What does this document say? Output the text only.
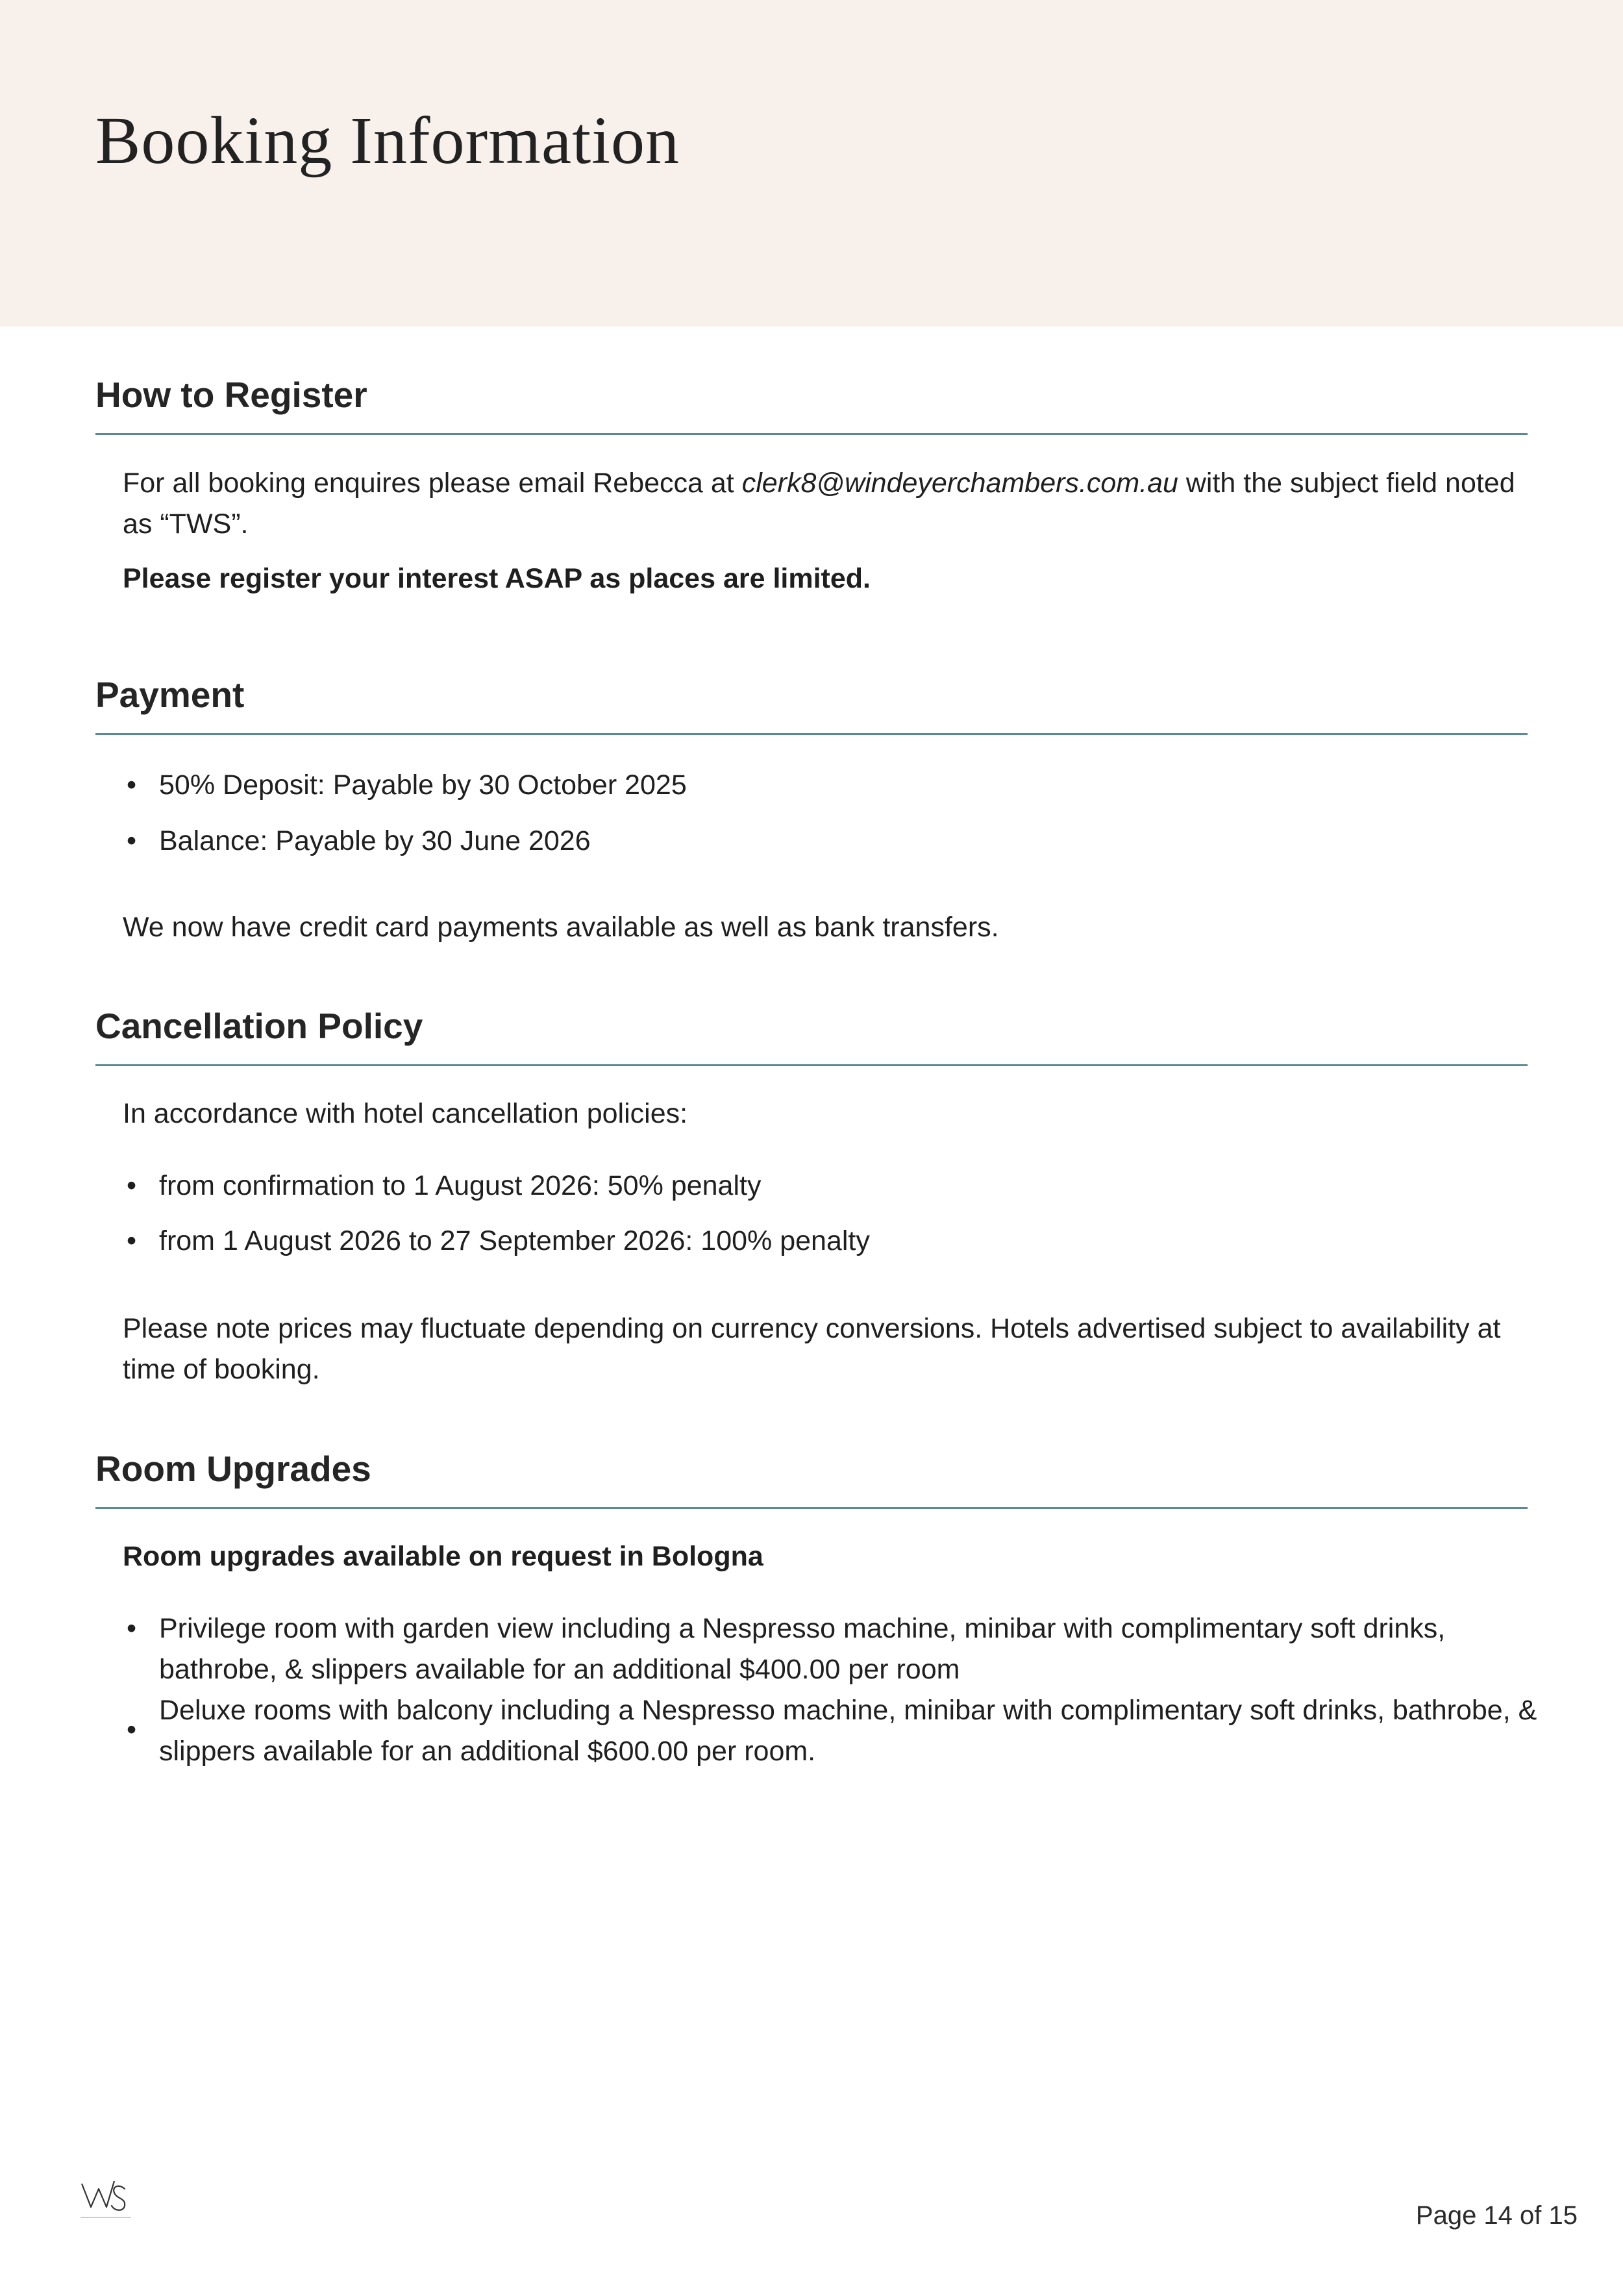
Booking Information
How to Register

For all booking enquires please email Rebecca at clerk8@windeyerchambers.com.au with the subject field noted as “TWS”.

Please register your interest ASAP as places are limited.

Payment
• 50% Deposit: Payable by 30 October 2025
• Balance: Payable by 30 June 2026

We now have credit card payments available as well as bank transfers.

Cancellation Policy

In accordance with hotel cancellation policies:

• from confirmation to 1 August 2026: 50% penalty
• from 1 August 2026 to 27 September 2026: 100% penalty

Please note prices may fluctuate depending on currency conversions. Hotels advertised subject to availability at time of booking.

Room Upgrades

Room upgrades available on request in Bologna

• Privilege room with garden view including a Nespresso machine, minibar with complimentary soft drinks, bathrobe, & slippers available for an additional $400.00 per room
•
Deluxe rooms with balcony including a Nespresso machine, minibar with complimentary soft drinks, bathrobe, & slippers available for an additional $600.00 per room.
Page 14 of 15
